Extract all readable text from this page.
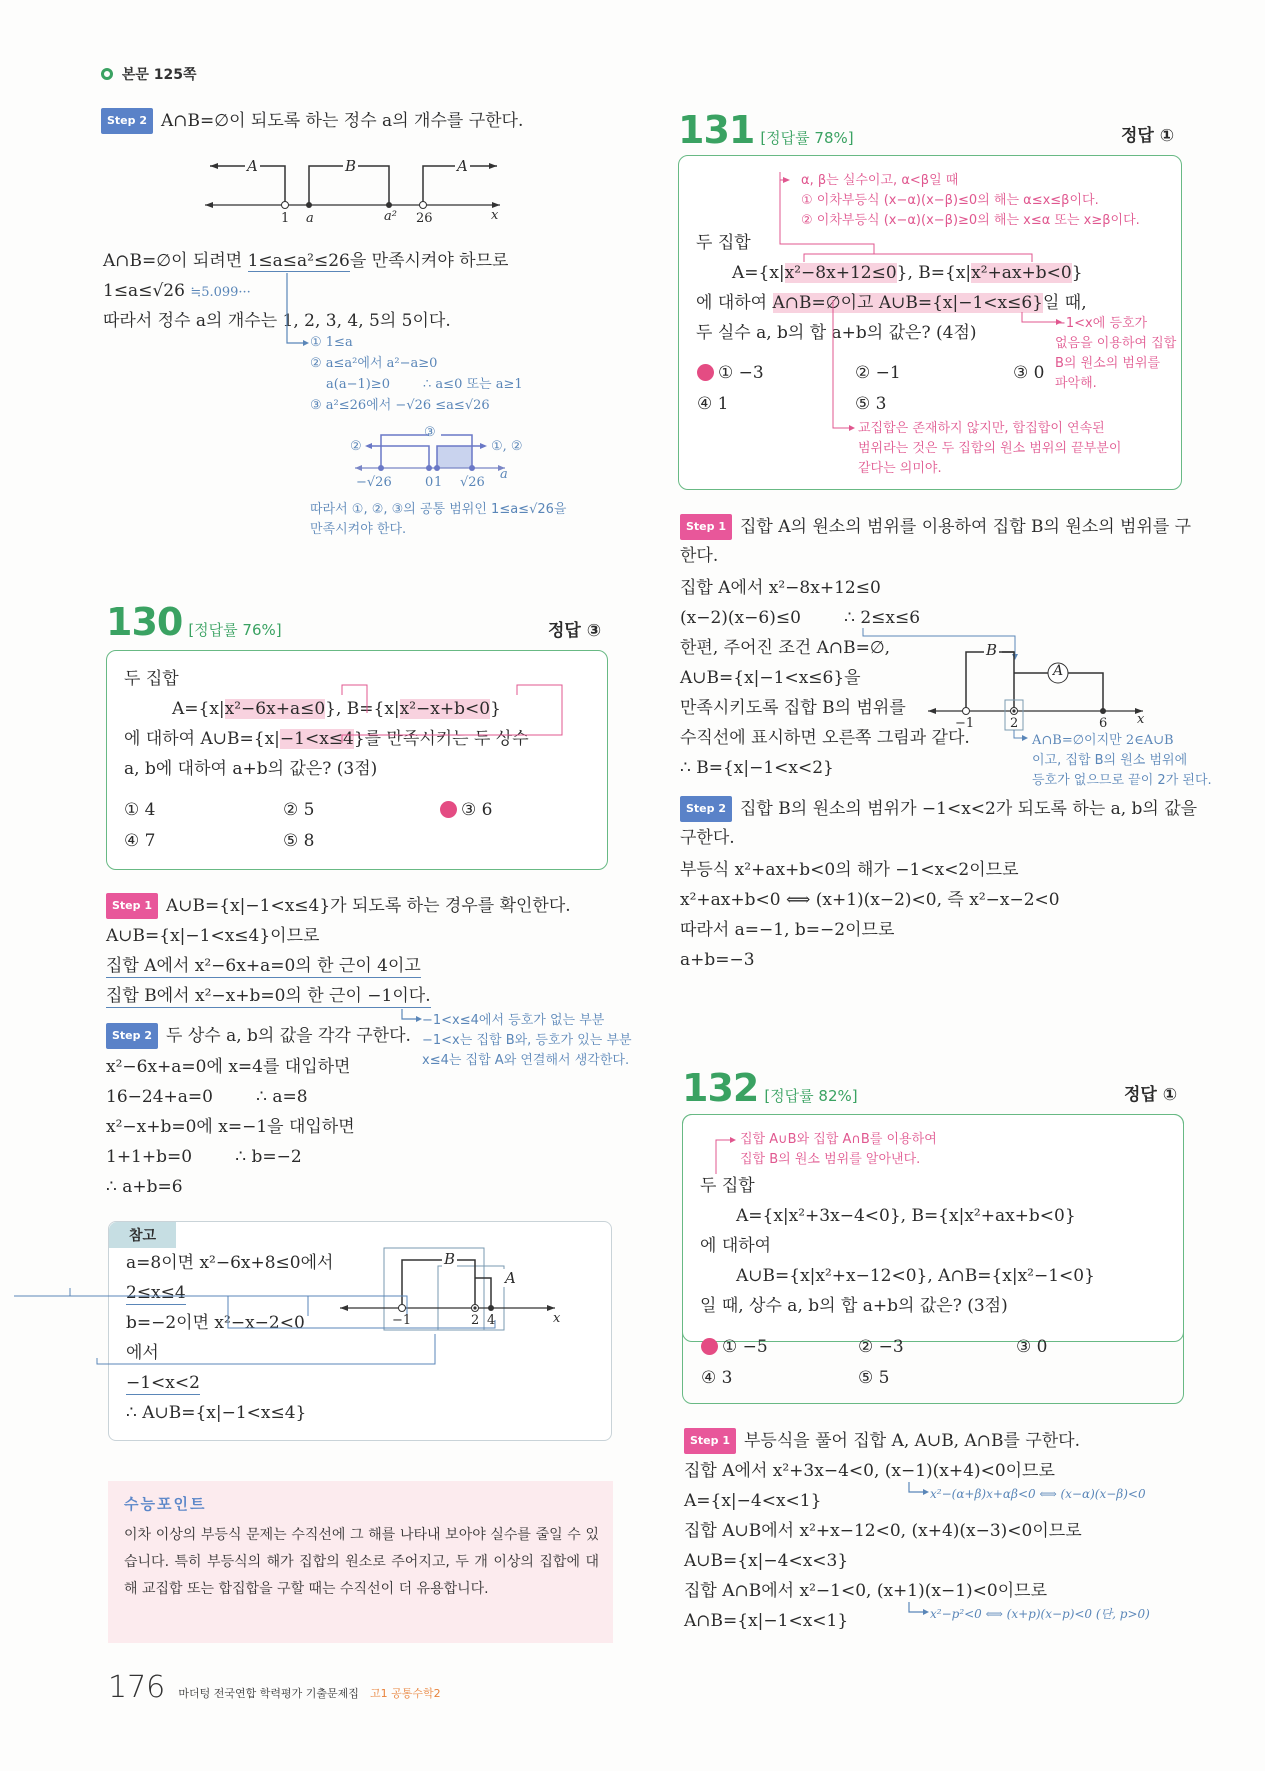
본문 125쪽
Step 2 A∩B=∅이 되도록 하는 정수 a의 개수를 구한다.
A	B	A
1 a	a² 26	x
A∩B=∅이 되려면 1≤a≤a²≤26을 만족시켜야 하므로
1≤a≤√26 ≒5.099···
따라서 정수 a의 개수는 1, 2, 3, 4, 5의 5이다.
① 1≤a
② a≤a²에서 a²−a≥0
a(a−1)≥0        ∴ a≤0 또는 a≥1
③ a²≤26에서 −√26 ≤a≤√26
②
③
①, ②
−√26	0 1 √26
a
따라서 ①, ②, ③의 공통 범위인 1≤a≤√26을
만족시켜야 한다.
130 [정답률 76%]	정답 ③
두 집합
A={x|x²−6x+a≤0}, B={x|x²−x+b<0}
에 대하여 A∪B={x|−1<x≤4}를 만족시키는 두 상수
a, b에 대하여 a+b의 값은? (3점)
① 4	② 5	③ 6
④ 7	⑤ 8
Step 1 A∪B={x|−1<x≤4}가 되도록 하는 경우를 확인한다.
A∪B={x|−1<x≤4}이므로
집합 A에서 x²−6x+a=0의 한 근이 4이고
집합 B에서 x²−x+b=0의 한 근이 −1이다.
Step 2 두 상수 a, b의 값을 각각 구한다.
−1<x≤4에서 등호가 없는 부분
−1<x는 집합 B와, 등호가 있는 부분
x≤4는 집합 A와 연결해서 생각한다.
x²−6x+a=0에 x=4를 대입하면
16−24+a=0        ∴ a=8
x²−x+b=0에 x=−1을 대입하면
1+1+b=0        ∴ b=−2
∴ a+b=6
참고
a=8이면 x²−6x+8≤0에서
2≤x≤4
b=−2이면 x²−x−2<0
에서
−1<x<2
∴ A∪B={x|−1<x≤4}
B
A
−1	2 4	x
수능포인트
이차 이상의 부등식 문제는 수직선에 그 해를 나타내 보아야 실수를 줄일 수 있습니다. 특히 부등식의 해가 집합의 원소로 주어지고, 두 개 이상의 집합에 대해 교집합 또는 합집합을 구할 때는 수직선이 더 유용합니다.
131 [정답률 78%]	정답 ①
α, β는 실수이고, α<β일 때
① 이차부등식 (x−α)(x−β)≤0의 해는 α≤x≤β이다.
② 이차부등식 (x−α)(x−β)≥0의 해는 x≤α 또는 x≥β이다.
두 집합
A={x|x²−8x+12≤0}, B={x|x²+ax+b<0}
에 대하여 A∩B=∅이고 A∪B={x|−1<x≤6}일 때,
두 실수 a, b의 합 a+b의 값은? (4점)	−1<x에 등호가
없음을 이용하여 집합
B의 원소의 범위를
파악해.
① −3	② −1	③ 0
④ 1	⑤ 3
교집합은 존재하지 않지만, 합집합이 연속된
범위라는 것은 두 집합의 원소 범위의 끝부분이
같다는 의미야.
Step 1 집합 A의 원소의 범위를 이용하여 집합 B의 원소의 범위를 구
한다.
집합 A에서 x²−8x+12≤0
(x−2)(x−6)≤0        ∴ 2≤x≤6
한편, 주어진 조건 A∩B=∅,
A∪B={x|−1<x≤6}을
만족시키도록 집합 B의 범위를
수직선에 표시하면 오른쪽 그림과 같다.
∴ B={x|−1<x<2}
B
A
−1	2	6 x
A∩B=∅이지만 2∈A∪B
이고, 집합 B의 원소 범위에
등호가 없으므로 끝이 2가 된다.
Step 2 집합 B의 원소의 범위가 −1<x<2가 되도록 하는 a, b의 값을
구한다.
부등식 x²+ax+b<0의 해가 −1<x<2이므로
x²+ax+b<0 ⟺ (x+1)(x−2)<0, 즉 x²−x−2<0
따라서 a=−1, b=−2이므로
a+b=−3
132 [정답률 82%]	정답 ①
집합 A∪B와 집합 A∩B를 이용하여
집합 B의 원소 범위를 알아낸다.
두 집합
A={x|x²+3x−4<0}, B={x|x²+ax+b<0}
에 대하여
A∪B={x|x²+x−12<0}, A∩B={x|x²−1<0}
일 때, 상수 a, b의 합 a+b의 값은? (3점)
① −5	② −3	③ 0
④ 3	⑤ 5
Step 1 부등식을 풀어 집합 A, A∪B, A∩B를 구한다.
집합 A에서 x²+3x−4<0, (x−1)(x+4)<0이므로
A={x|−4<x<1}
집합 A∪B에서 x²+x−12<0, (x+4)(x−3)<0이므로
A∪B={x|−4<x<3}
집합 A∩B에서 x²−1<0, (x+1)(x−1)<0이므로
A∩B={x|−1<x<1}
x²−(α+β)x+αβ<0 ⟺ (x−α)(x−β)<0
x²−p²<0 ⟺ (x+p)(x−p)<0 (단, p>0)
176 마더텅 전국연합 학력평가 기출문제집 고1 공통수학2
